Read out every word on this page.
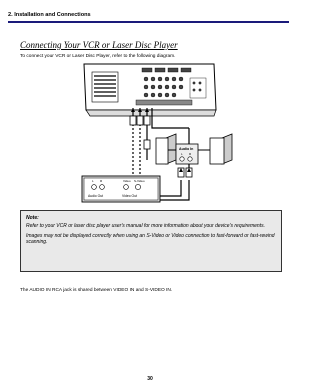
2. Installation and Connections
Connecting Your VCR or Laser Disc Player
To connect your VCR or Laser Disc Player, refer to the following diagram.
Audio In
L R
L R	Video S-Video
Audio Out	Video Out

Note:

Refer to your VCR or laser disc player user's manual for more information about your device's requirements.

Images may not be displayed correctly when using an S-Video or Video connection to fast-forward or fast-rewind scanning.

The AUDIO IN RCA jack is shared between VIDEO IN and S-VIDEO IN.
30
